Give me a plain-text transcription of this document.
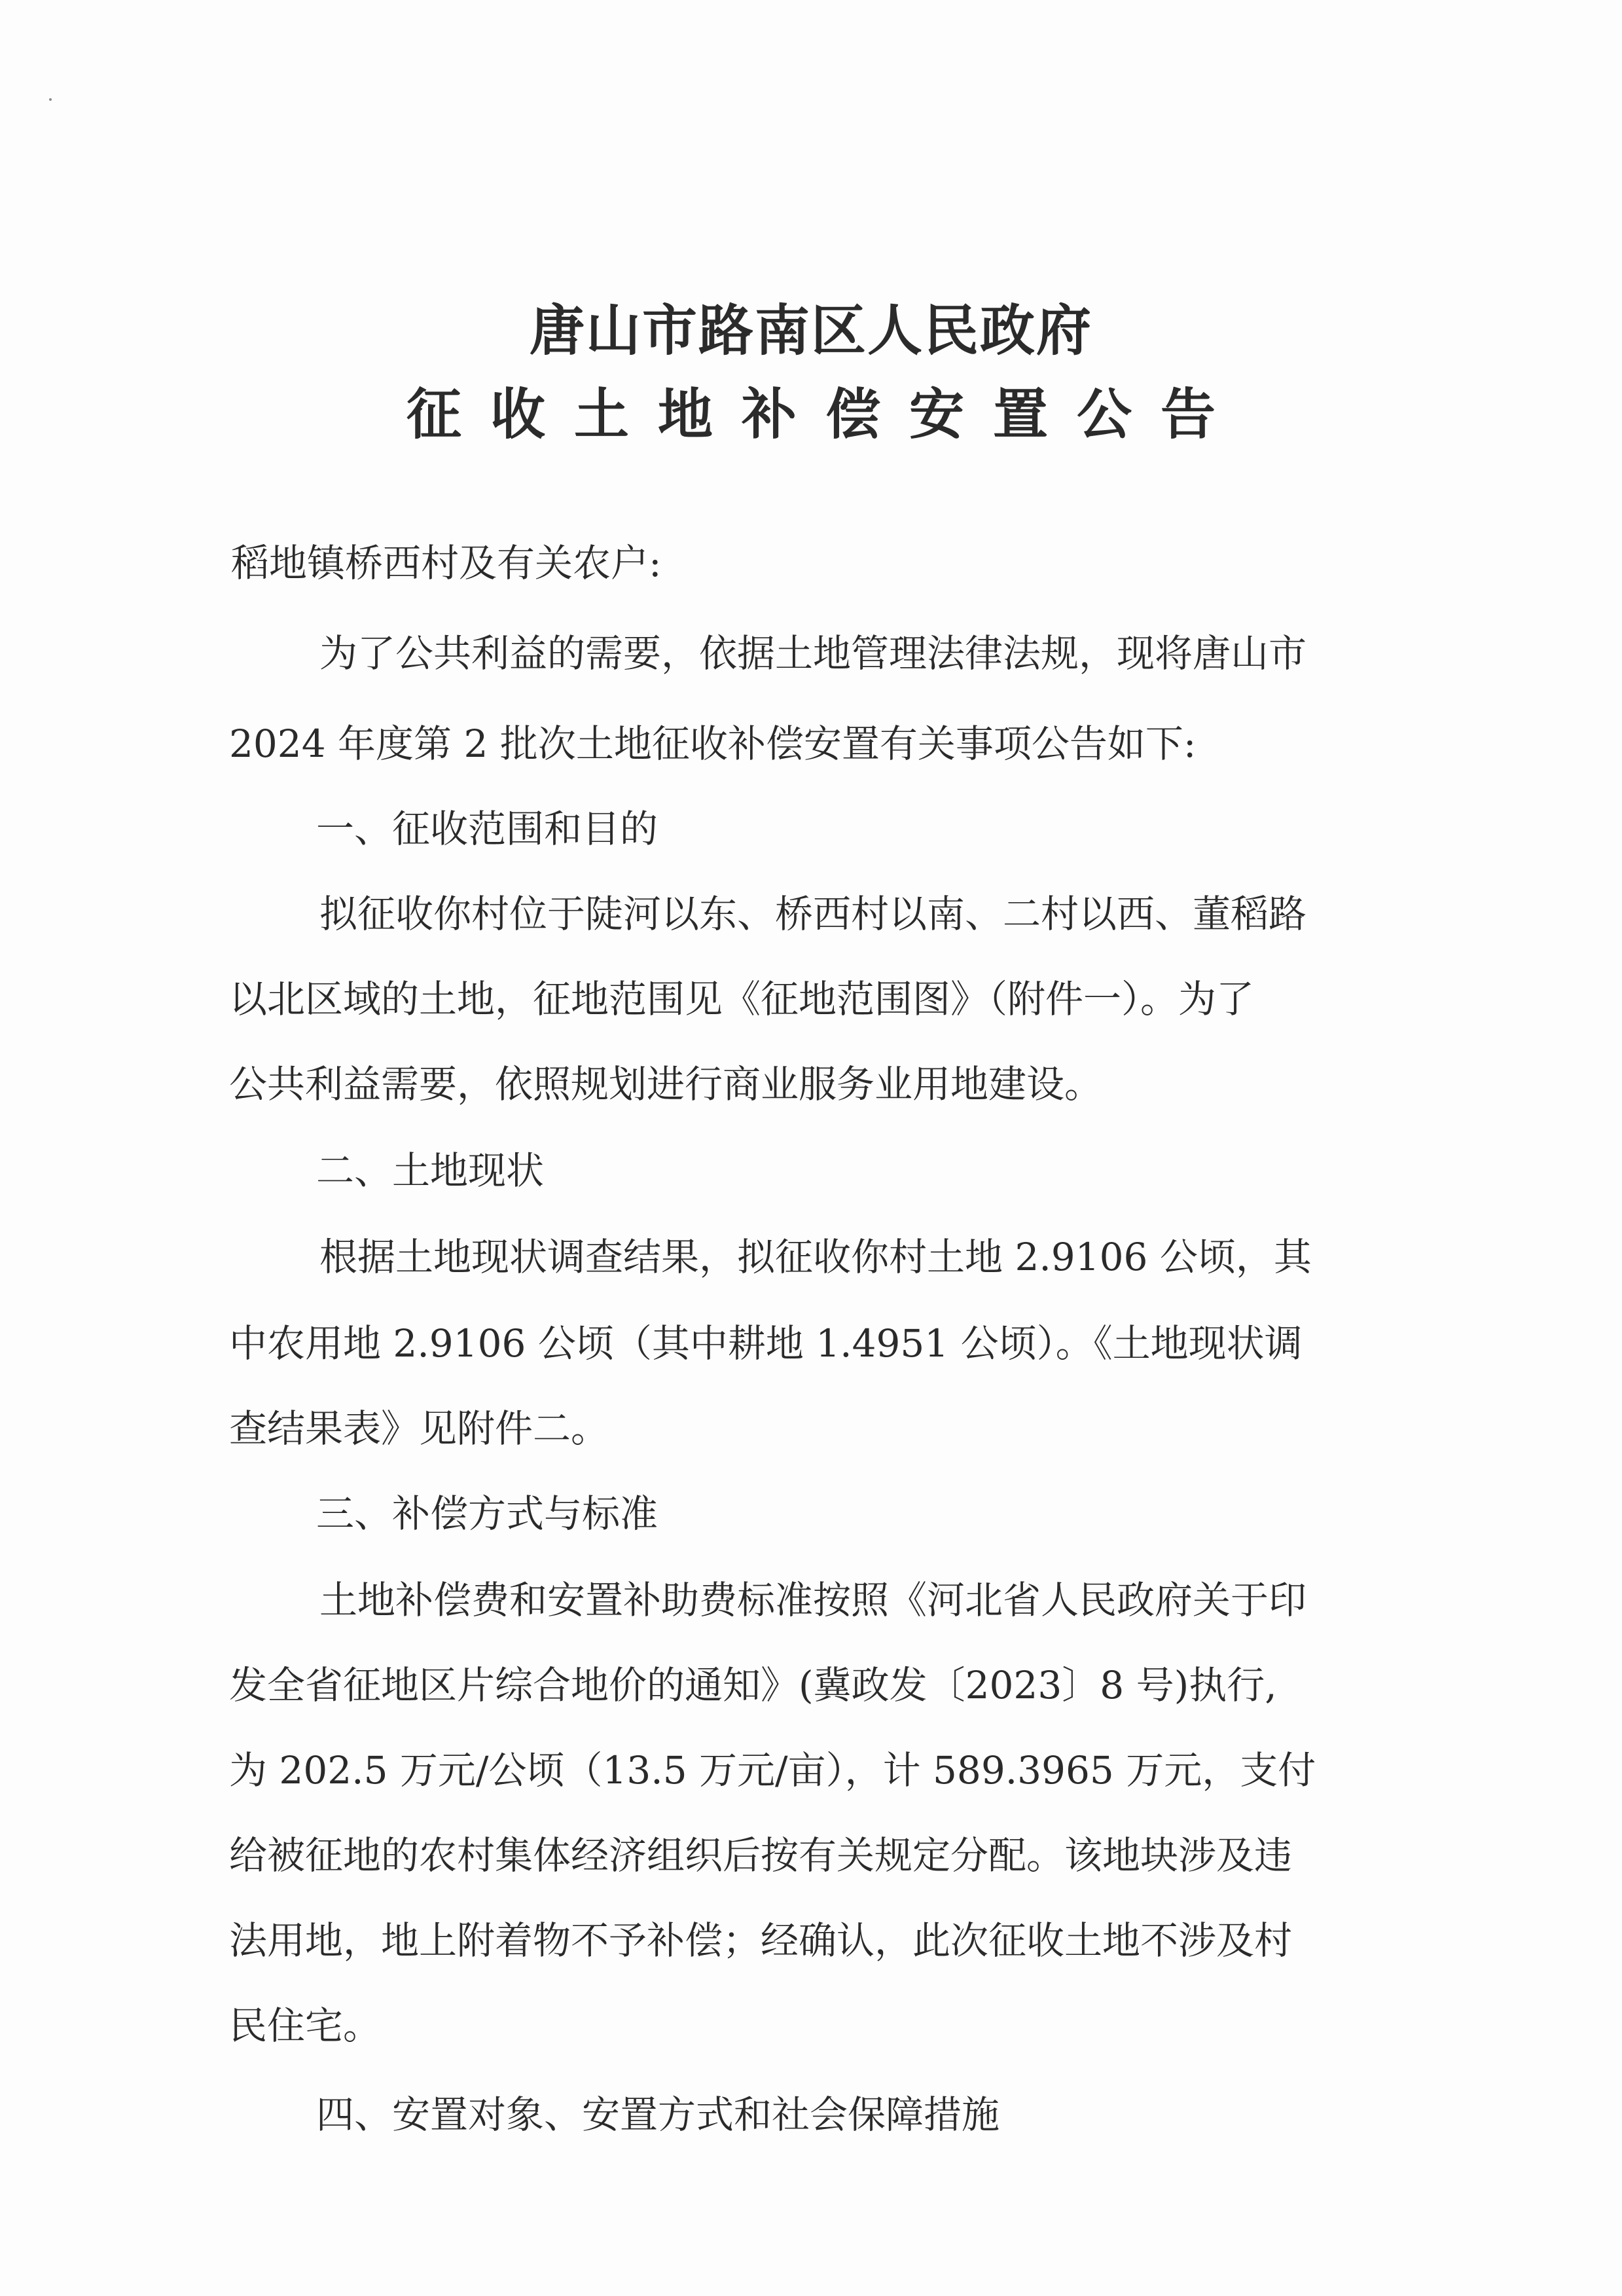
唐山市路南区人民政府
征收土地补偿安置公告
稻地镇桥西村及有关农户:
为了公共利益的需要，依据土地管理法律法规，现将唐山市
2024 年度第 2 批次土地征收补偿安置有关事项公告如下:
一、征收范围和目的
拟征收你村位于陡河以东、桥西村以南、二村以西、董稻路
以北区域的土地，征地范围见《征地范围图》（附件一）。为了
公共利益需要，依照规划进行商业服务业用地建设。
二、土地现状
根据土地现状调查结果，拟征收你村土地 2.9106 公顷，其
中农用地 2.9106 公顷（其中耕地 1.4951 公顷）。《土地现状调
查结果表》见附件二。
三、补偿方式与标准
土地补偿费和安置补助费标准按照《河北省人民政府关于印
发全省征地区片综合地价的通知》(冀政发〔2023〕8 号)执行,
为 202.5 万元/公顷（13.5 万元/亩），计 589.3965 万元，支付
给被征地的农村集体经济组织后按有关规定分配。该地块涉及违
法用地，地上附着物不予补偿；经确认，此次征收土地不涉及村
民住宅。
四、安置对象、安置方式和社会保障措施
